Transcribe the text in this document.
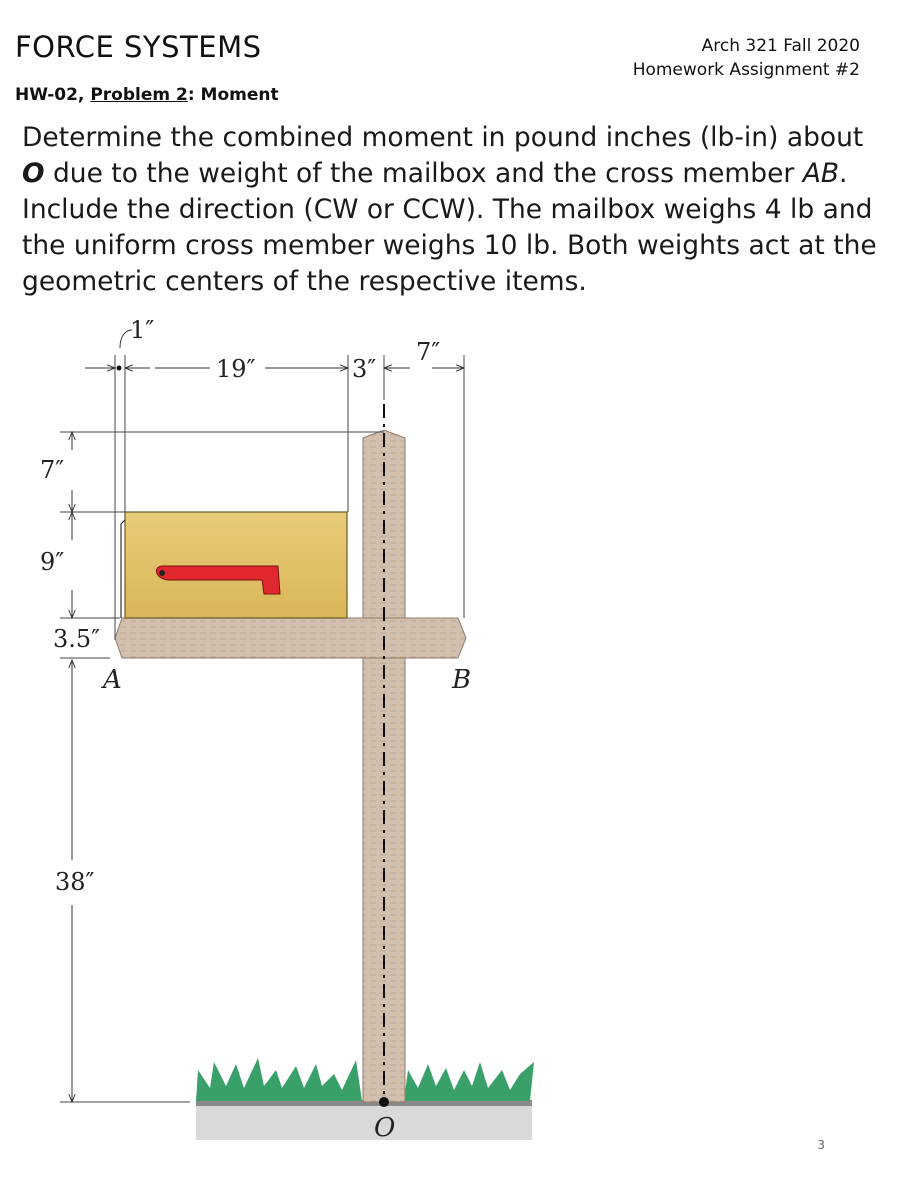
FORCE SYSTEMS	Arch 321 Fall 2020
Homework Assignment #2
HW-02, Problem 2: Moment
Determine the combined moment in pound inches (lb-in) about O due to the weight of the mailbox and the cross member AB. Include the direction (CW or CCW). The mailbox weighs 4 lb and the uniform cross member weighs 10 lb. Both weights act at the geometric centers of the respective items.
1″
19″	3″
7″
7″
9″
3.5″
38″
A	B
O
3
